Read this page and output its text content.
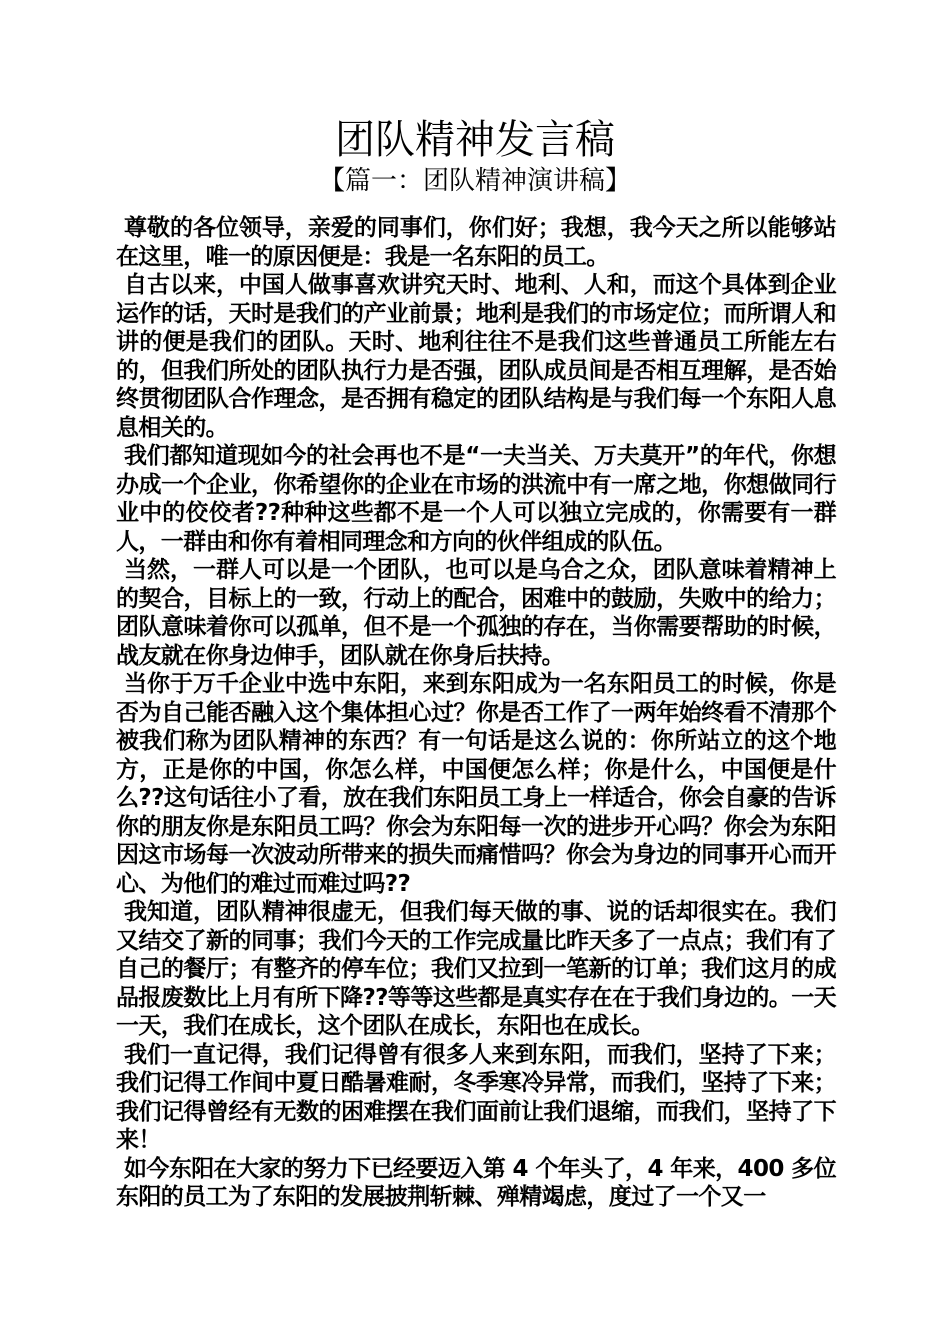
团队精神发言稿
【篇一：团队精神演讲稿】

尊敬的各位领导，亲爱的同事们，你们好；我想，我今天之所以能够站在这里，唯一的原因便是：我是一名东阳的员工。

自古以来，中国人做事喜欢讲究天时、地利、人和，而这个具体到企业运作的话，天时是我们的产业前景；地利是我们的市场定位；而所谓人和讲的便是我们的团队。天时、地利往往不是我们这些普通员工所能左右的，但我们所处的团队执行力是否强，团队成员间是否相互理解，是否始终贯彻团队合作理念，是否拥有稳定的团队结构是与我们每一个东阳人息息相关的。

我们都知道现如今的社会再也不是“一夫当关、万夫莫开”的年代，你想办成一个企业，你希望你的企业在市场的洪流中有一席之地，你想做同行业中的佼佼者??种种这些都不是一个人可以独立完成的，你需要有一群人，一群由和你有着相同理念和方向的伙伴组成的队伍。

当然，一群人可以是一个团队，也可以是乌合之众，团队意味着精神上的契合，目标上的一致，行动上的配合，困难中的鼓励，失败中的给力；团队意味着你可以孤单，但不是一个孤独的存在，当你需要帮助的时候，战友就在你身边伸手，团队就在你身后扶持。

当你于万千企业中选中东阳，来到东阳成为一名东阳员工的时候，你是否为自己能否融入这个集体担心过？你是否工作了一两年始终看不清那个被我们称为团队精神的东西？有一句话是这么说的：你所站立的这个地方，正是你的中国，你怎么样，中国便怎么样；你是什么，中国便是什么??这句话往小了看，放在我们东阳员工身上一样适合，你会自豪的告诉你的朋友你是东阳员工吗？你会为东阳每一次的进步开心吗？你会为东阳因这市场每一次波动所带来的损失而痛惜吗？你会为身边的同事开心而开心、为他们的难过而难过吗??

我知道，团队精神很虚无，但我们每天做的事、说的话却很实在。我们又结交了新的同事；我们今天的工作完成量比昨天多了一点点；我们有了自己的餐厅；有整齐的停车位；我们又拉到一笔新的订单；我们这月的成品报废数比上月有所下降??等等这些都是真实存在在于我们身边的。一天一天，我们在成长，这个团队在成长，东阳也在成长。

我们一直记得，我们记得曾有很多人来到东阳，而我们，坚持了下来；我们记得工作间中夏日酷暑难耐，冬季寒冷异常，而我们，坚持了下来；我们记得曾经有无数的困难摆在我们面前让我们退缩，而我们，坚持了下来！

如今东阳在大家的努力下已经要迈入第 4 个年头了，4 年来，400 多位东阳的员工为了东阳的发展披荆斩棘、殚精竭虑，度过了一个又一
